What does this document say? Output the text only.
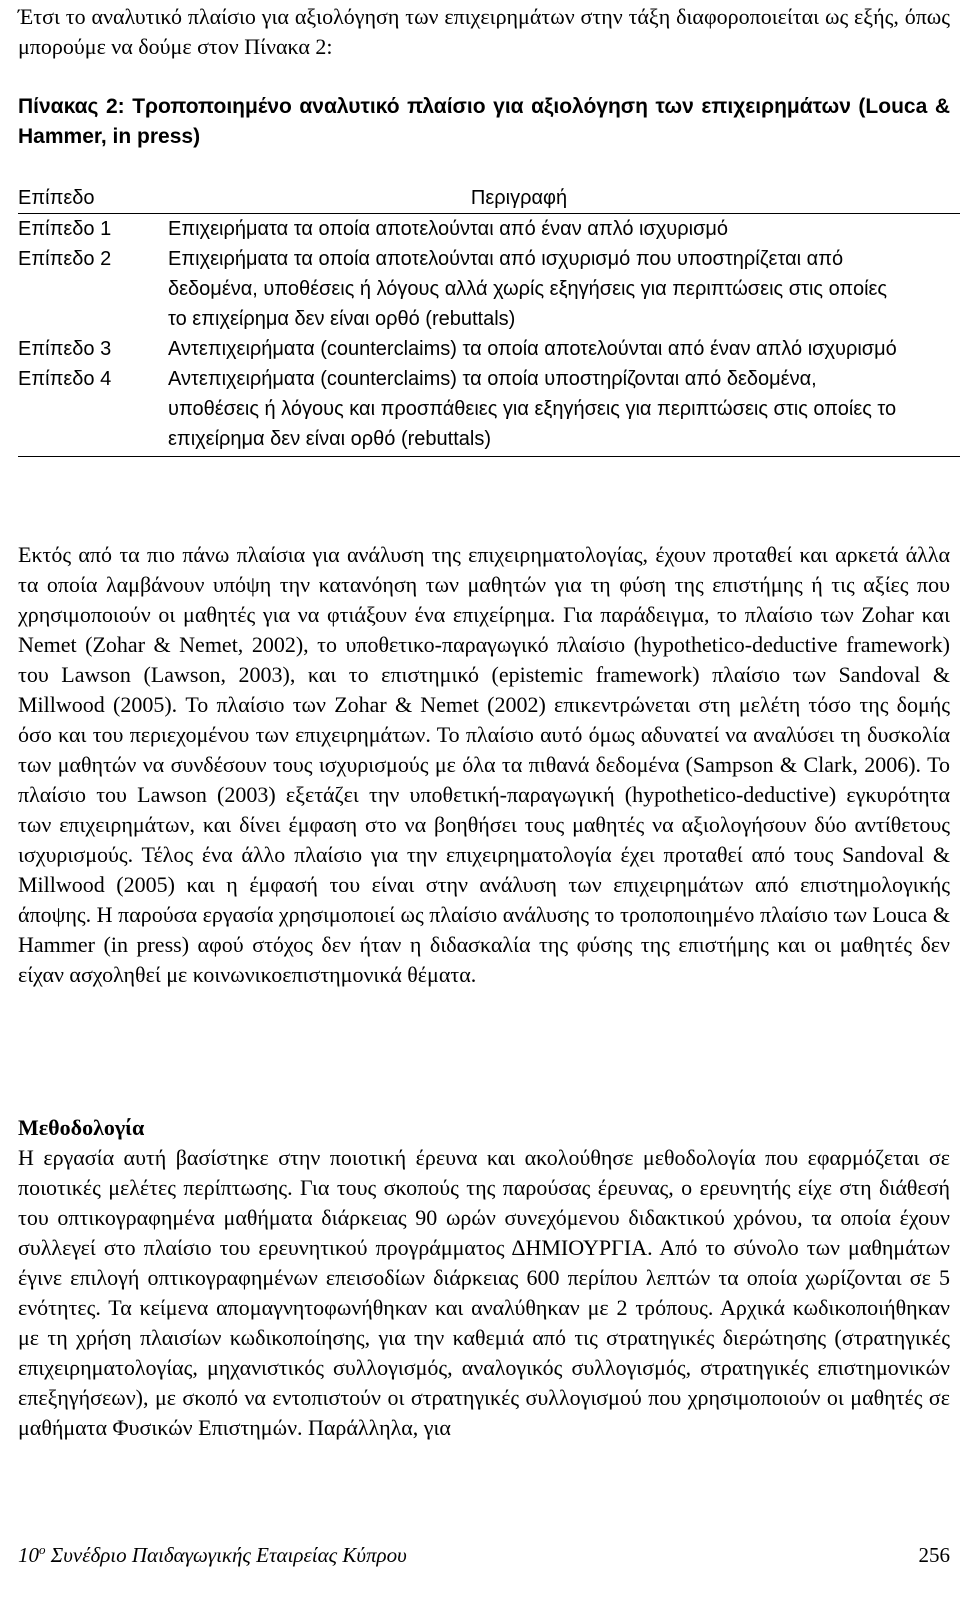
Έτσι το αναλυτικό πλαίσιο για αξιολόγηση των επιχειρημάτων στην τάξη διαφοροποιείται ως εξής, όπως μπορούμε να δούμε στον Πίνακα 2:

Πίνακας 2: Τροποποιημένο αναλυτικό πλαίσιο για αξιολόγηση των επιχειρημάτων (Louca & Hammer, in press)
Επίπεδο	Περιγραφή
Επίπεδο 1	Επιχειρήματα τα οποία αποτελούνται από έναν απλό ισχυρισμό
Επίπεδο 2	Επιχειρήματα τα οποία αποτελούνται από ισχυρισμό που υποστηρίζεται από δεδομένα, υποθέσεις ή λόγους αλλά χωρίς εξηγήσεις για περιπτώσεις στις οποίες το επιχείρημα δεν είναι ορθό (rebuttals)
Επίπεδο 3	Αντεπιχειρήματα (counterclaims) τα οποία αποτελούνται από έναν απλό ισχυρισμό
Επίπεδο 4	Αντεπιχειρήματα (counterclaims) τα οποία υποστηρίζονται από δεδομένα, υποθέσεις ή λόγους και προσπάθειες για εξηγήσεις για περιπτώσεις στις οποίες το επιχείρημα δεν είναι ορθό (rebuttals)

Εκτός από τα πιο πάνω πλαίσια για ανάλυση της επιχειρηματολογίας, έχουν προταθεί και αρκετά άλλα τα οποία λαμβάνουν υπόψη την κατανόηση των μαθητών για τη φύση της επιστήμης ή τις αξίες που χρησιμοποιούν οι μαθητές για να φτιάξουν ένα επιχείρημα. Για παράδειγμα, το πλαίσιο των Zohar και Nemet (Zohar & Nemet, 2002), το υποθετικο-παραγωγικό πλαίσιο (hypothetico-deductive framework) του Lawson (Lawson, 2003), και το επιστημικό (epistemic framework) πλαίσιο των Sandoval & Millwood (2005). Το πλαίσιο των Zohar & Nemet (2002) επικεντρώνεται στη μελέτη τόσο της δομής όσο και του περιεχομένου των επιχειρημάτων. Το πλαίσιο αυτό όμως αδυνατεί να αναλύσει τη δυσκολία των μαθητών να συνδέσουν τους ισχυρισμούς με όλα τα πιθανά δεδομένα (Sampson & Clark, 2006). Το πλαίσιο του Lawson (2003) εξετάζει την υποθετική-παραγωγική (hypothetico-deductive) εγκυρότητα των επιχειρημάτων, και δίνει έμφαση στο να βοηθήσει τους μαθητές να αξιολογήσουν δύο αντίθετους ισχυρισμούς. Τέλος ένα άλλο πλαίσιο για την επιχειρηματολογία έχει προταθεί από τους Sandoval & Millwood (2005) και η έμφασή του είναι στην ανάλυση των επιχειρημάτων από επιστημολογικής άποψης. Η παρούσα εργασία χρησιμοποιεί ως πλαίσιο ανάλυσης το τροποποιημένο πλαίσιο των Louca & Hammer (in press) αφού στόχος δεν ήταν η διδασκαλία της φύσης της επιστήμης και οι μαθητές δεν είχαν ασχοληθεί με κοινωνικοεπιστημονικά θέματα.

Μεθοδολογία

Η εργασία αυτή βασίστηκε στην ποιοτική έρευνα και ακολούθησε μεθοδολογία που εφαρμόζεται σε ποιοτικές μελέτες περίπτωσης. Για τους σκοπούς της παρούσας έρευνας, ο ερευνητής είχε στη διάθεσή του οπτικογραφημένα μαθήματα διάρκειας 90 ωρών συνεχόμενου διδακτικού χρόνου, τα οποία έχουν συλλεγεί στο πλαίσιο του ερευνητικού προγράμματος ΔΗΜΙΟΥΡΓΙΑ. Από το σύνολο των μαθημάτων έγινε επιλογή οπτικογραφημένων επεισοδίων διάρκειας 600 περίπου λεπτών τα οποία χωρίζονται σε 5 ενότητες. Τα κείμενα απομαγνητοφωνήθηκαν και αναλύθηκαν με 2 τρόπους. Αρχικά κωδικοποιήθηκαν με τη χρήση πλαισίων κωδικοποίησης, για την καθεμιά από τις στρατηγικές διερώτησης (στρατηγικές επιχειρηματολογίας, μηχανιστικός συλλογισμός, αναλογικός συλλογισμός, στρατηγικές επιστημονικών επεξηγήσεων), με σκοπό να εντοπιστούν οι στρατηγικές συλλογισμού που χρησιμοποιούν οι μαθητές σε μαθήματα Φυσικών Επιστημών. Παράλληλα, για

$10^o$ Συνέδριο Παιδαγωγικής Εταιρείας Κύπρου	256
